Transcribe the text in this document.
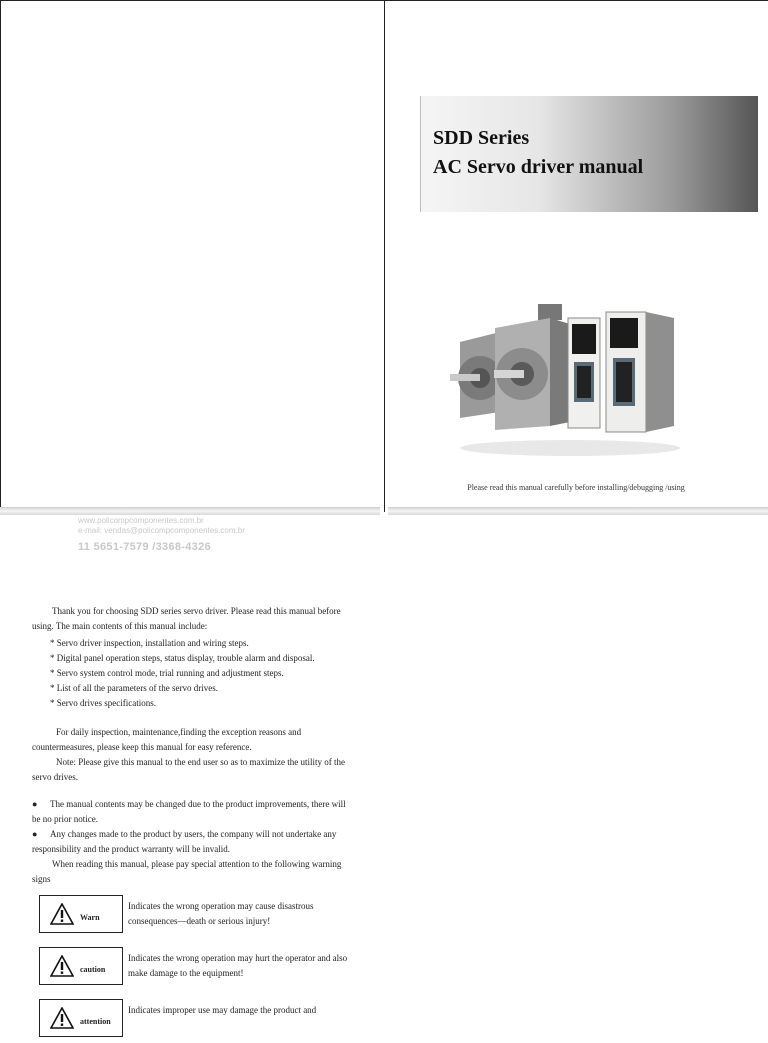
SDD Series
AC Servo driver manual
Please read this manual carefully before installing/debugging /using
www.policompcomponentes.com.br
e-mail: vendas@policompcomponentes.com.br
11 5651-7579 /3368-4326

Thank you for choosing SDD series servo driver. Please read this manual before using. The main contents of this manual include:

* Servo driver inspection, installation and wiring steps.
* Digital panel operation steps, status display, trouble alarm and disposal.
* Servo system control mode, trial running and adjustment steps.
* List of all the parameters of the servo drives.
* Servo drives specifications.

For daily inspection, maintenance,finding the exception reasons and countermeasures, please keep this manual for easy reference.

Note: Please give this manual to the end user so as to maximize the utility of the servo drives.

● The manual contents may be changed due to the product improvements, there will be no prior notice.

● Any changes made to the product by users, the company will not undertake any responsibility and the product warranty will be invalid.

When reading this manual, please pay special attention to the following warning signs

Warn
Indicates the wrong operation may cause disastrous consequences—death or serious injury!
caution
Indicates the wrong operation may hurt the operator and also make damage to the equipment!
attention
Indicates improper use may damage the product and
